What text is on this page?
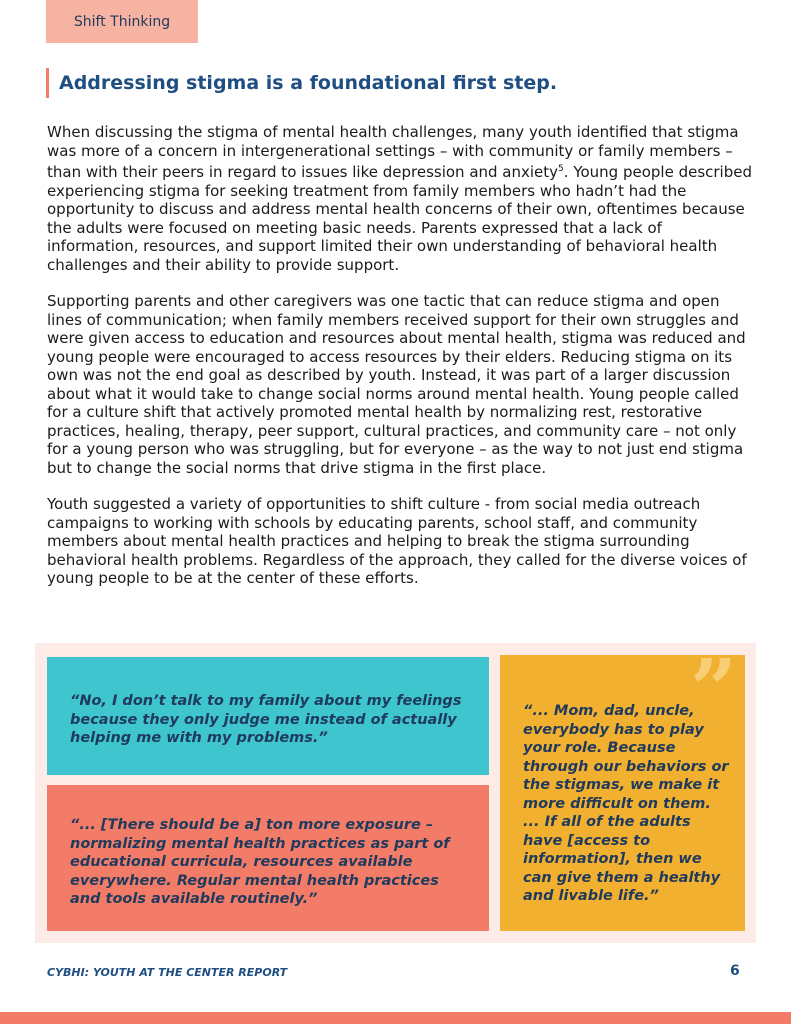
Shift Thinking
Addressing stigma is a foundational first step.

When discussing the stigma of mental health challenges, many youth identified that stigma was more of a concern in intergenerational settings – with community or family members – than with their peers in regard to issues like depression and anxiety$^5$. Young people described experiencing stigma for seeking treatment from family members who hadn’t had the opportunity to discuss and address mental health concerns of their own, oftentimes because the adults were focused on meeting basic needs. Parents expressed that a lack of information, resources, and support limited their own understanding of behavioral health challenges and their ability to provide support.

Supporting parents and other caregivers was one tactic that can reduce stigma and open lines of communication; when family members received support for their own struggles and were given access to education and resources about mental health, stigma was reduced and young people were encouraged to access resources by their elders. Reducing stigma on its own was not the end goal as described by youth. Instead, it was part of a larger discussion about what it would take to change social norms around mental health. Young people called for a culture shift that actively promoted mental health by normalizing rest, restorative practices, healing, therapy, peer support, cultural practices, and community care – not only for a young person who was struggling, but for everyone – as the way to not just end stigma but to change the social norms that drive stigma in the first place.

Youth suggested a variety of opportunities to shift culture - from social media outreach campaigns to working with schools by educating parents, school staff, and community members about mental health practices and helping to break the stigma surrounding behavioral health problems. Regardless of the approach, they called for the diverse voices of young people to be at the center of these efforts.

“No, I don’t talk to my family about my feelings because they only judge me instead of actually helping me with my problems.”
“... [There should be a] ton more exposure – normalizing mental health practices as part of educational curricula, resources available everywhere. Regular mental health practices and tools available routinely.”
”
“... Mom, dad, uncle, everybody has to play your role. Because through our behaviors or the stigmas, we make it more difficult on them. ... If all of the adults have [access to information], then we can give them a healthy and livable life.”
CYBHI: YOUTH AT THE CENTER REPORT	6
